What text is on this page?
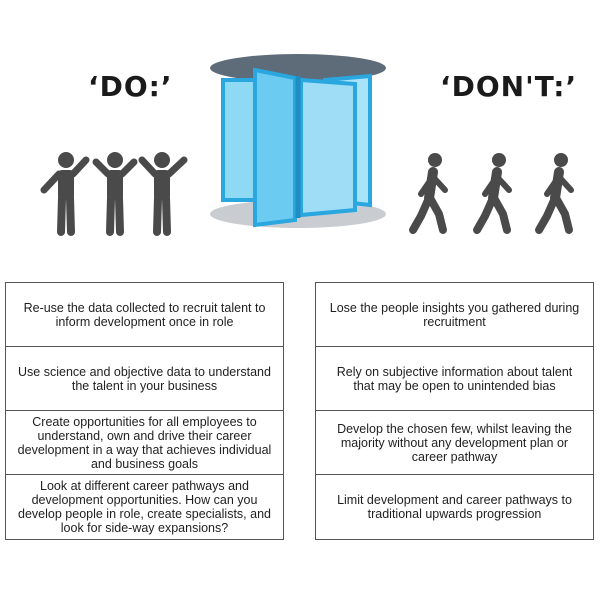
‘DO:’	‘DON'T:’
Re-use the data collected to recruit talent to inform development once in role
Use science and objective data to understand the talent in your business
Create opportunities for all employees to understand, own and drive their career development in a way that achieves individual and business goals
Look at different career pathways and development opportunities. How can you develop people in role, create specialists, and look for side-way expansions?
Lose the people insights you gathered during recruitment
Rely on subjective information about talent that may be open to unintended bias
Develop the chosen few, whilst leaving the majority without any development plan or career pathway
Limit development and career pathways to traditional upwards progression
